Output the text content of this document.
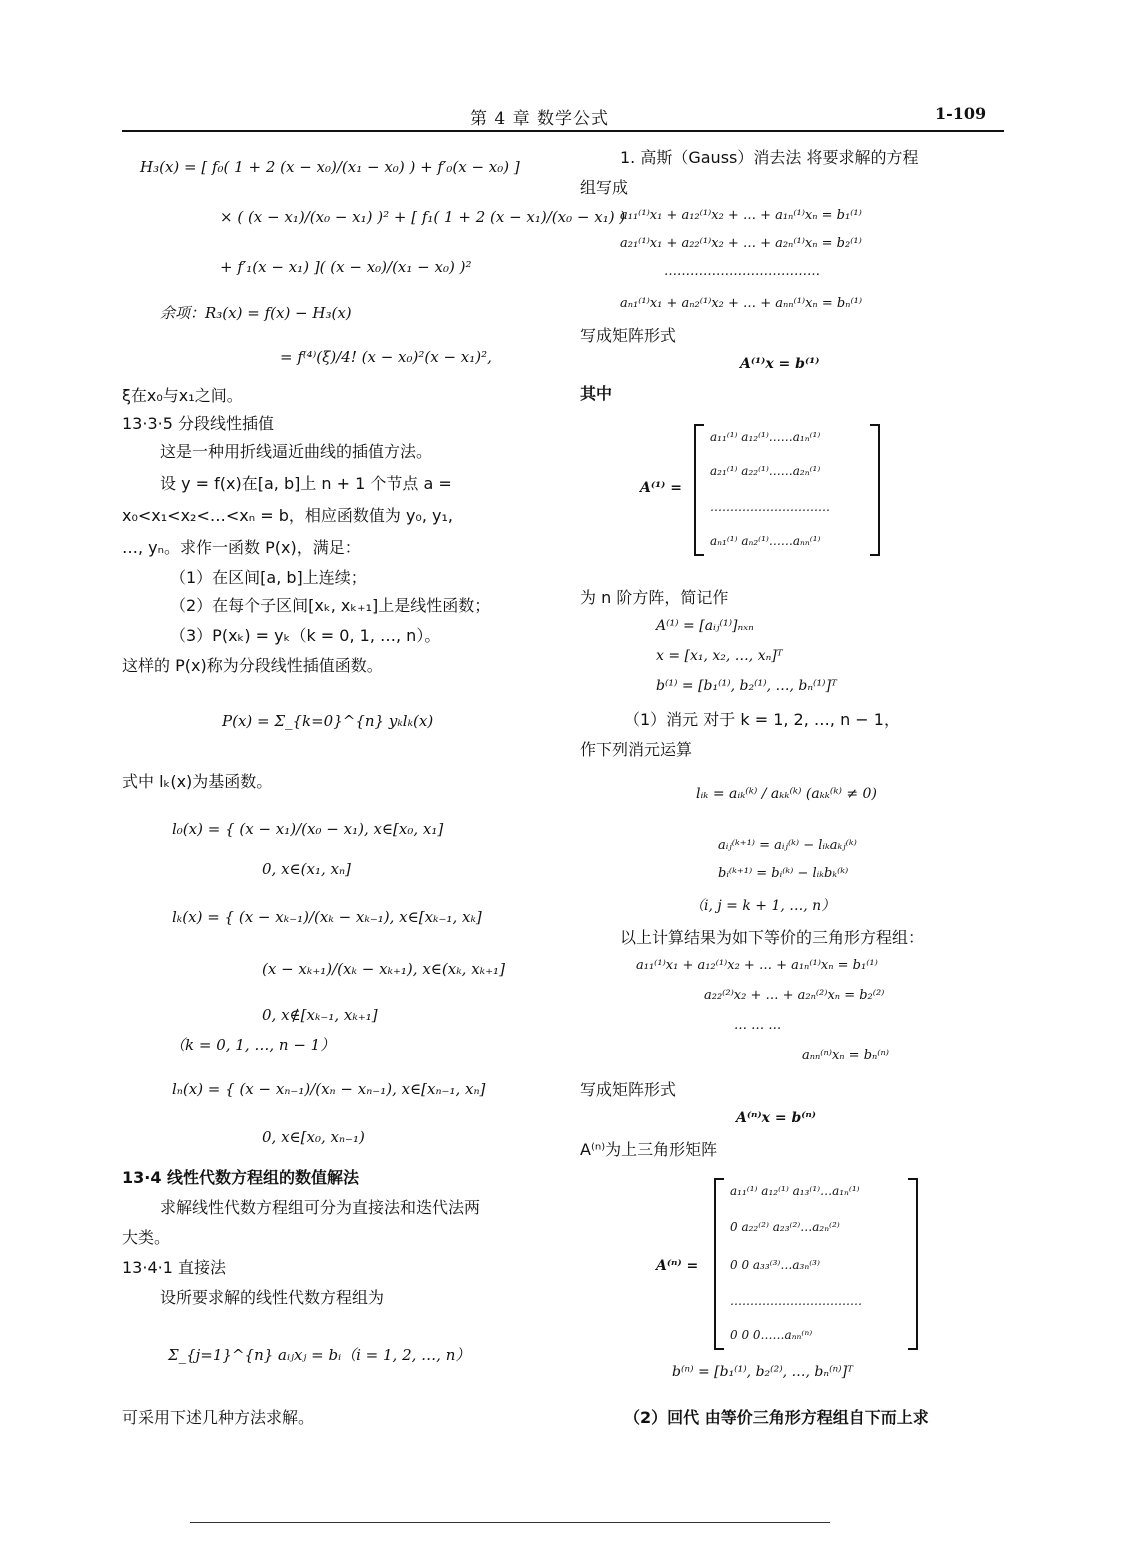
第 4 章 数学公式	1-109
H₃(x) = [ f₀( 1 + 2 (x − x₀)/(x₁ − x₀) ) + f′₀(x − x₀) ]
× ( (x − x₁)/(x₀ − x₁) )² + [ f₁( 1 + 2 (x − x₁)/(x₀ − x₁) )
+ f′₁(x − x₁) ]( (x − x₀)/(x₁ − x₀) )²
余项：R₃(x) = f(x) − H₃(x)
= f⁽⁴⁾(ξ)/4! (x − x₀)²(x − x₁)²,
ξ在x₀与x₁之间。
13·3·5 分段线性插值
这是一种用折线逼近曲线的插值方法。
设 y = f(x)在[a, b]上 n + 1 个节点 a =
x₀<x₁<x₂<…<xₙ = b，相应函数值为 y₀, y₁,
…, yₙ。求作一函数 P(x)，满足：
（1）在区间[a, b]上连续；
（2）在每个子区间[xₖ, xₖ₊₁]上是线性函数；
（3）P(xₖ) = yₖ（k = 0, 1, …, n）。
这样的 P(x)称为分段线性插值函数。
P(x) = Σ_{k=0}^{n} yₖlₖ(x)
式中 lₖ(x)为基函数。
l₀(x) = { (x − x₁)/(x₀ − x₁), x∈[x₀, x₁]
0, x∈(x₁, xₙ]
lₖ(x) = { (x − xₖ₋₁)/(xₖ − xₖ₋₁), x∈[xₖ₋₁, xₖ]
(x − xₖ₊₁)/(xₖ − xₖ₊₁), x∈(xₖ, xₖ₊₁]
0, x∉[xₖ₋₁, xₖ₊₁]
（k = 0, 1, …, n − 1）
lₙ(x) = { (x − xₙ₋₁)/(xₙ − xₙ₋₁), x∈[xₙ₋₁, xₙ]
0, x∈[x₀, xₙ₋₁)
13·4 线性代数方程组的数值解法
求解线性代数方程组可分为直接法和迭代法两
大类。
13·4·1 直接法
设所要求解的线性代数方程组为
Σ_{j=1}^{n} aᵢⱼxⱼ = bᵢ（i = 1, 2, …, n）
可采用下述几种方法求解。
1. 高斯（Gauss）消去法 将要求解的方程
组写成
a₁₁⁽¹⁾x₁ + a₁₂⁽¹⁾x₂ + … + a₁ₙ⁽¹⁾xₙ = b₁⁽¹⁾
a₂₁⁽¹⁾x₁ + a₂₂⁽¹⁾x₂ + … + a₂ₙ⁽¹⁾xₙ = b₂⁽¹⁾
………………………………
aₙ₁⁽¹⁾x₁ + aₙ₂⁽¹⁾x₂ + … + aₙₙ⁽¹⁾xₙ = bₙ⁽¹⁾
写成矩阵形式
A⁽¹⁾x = b⁽¹⁾
其中
A⁽¹⁾ =
a₁₁⁽¹⁾ a₁₂⁽¹⁾……a₁ₙ⁽¹⁾
a₂₁⁽¹⁾ a₂₂⁽¹⁾……a₂ₙ⁽¹⁾
…………………………
aₙ₁⁽¹⁾ aₙ₂⁽¹⁾……aₙₙ⁽¹⁾
为 n 阶方阵，简记作
A⁽¹⁾ = [aᵢⱼ⁽¹⁾]ₙₓₙ
x = [x₁, x₂, …, xₙ]ᵀ
b⁽¹⁾ = [b₁⁽¹⁾, b₂⁽¹⁾, …, bₙ⁽¹⁾]ᵀ
（1）消元 对于 k = 1, 2, …, n − 1，
作下列消元运算
lᵢₖ = aᵢₖ⁽ᵏ⁾ / aₖₖ⁽ᵏ⁾ (aₖₖ⁽ᵏ⁾ ≠ 0)
aᵢⱼ⁽ᵏ⁺¹⁾ = aᵢⱼ⁽ᵏ⁾ − lᵢₖaₖⱼ⁽ᵏ⁾
bᵢ⁽ᵏ⁺¹⁾ = bᵢ⁽ᵏ⁾ − lᵢₖbₖ⁽ᵏ⁾
（i, j = k + 1, …, n）
以上计算结果为如下等价的三角形方程组：
a₁₁⁽¹⁾x₁ + a₁₂⁽¹⁾x₂ + … + a₁ₙ⁽¹⁾xₙ = b₁⁽¹⁾
a₂₂⁽²⁾x₂ + … + a₂ₙ⁽²⁾xₙ = b₂⁽²⁾
… … …
aₙₙ⁽ⁿ⁾xₙ = bₙ⁽ⁿ⁾
写成矩阵形式
A⁽ⁿ⁾x = b⁽ⁿ⁾
A⁽ⁿ⁾为上三角形矩阵
A⁽ⁿ⁾ =
a₁₁⁽¹⁾ a₁₂⁽¹⁾ a₁₃⁽¹⁾…a₁ₙ⁽¹⁾
0 a₂₂⁽²⁾ a₂₃⁽²⁾…a₂ₙ⁽²⁾
0 0 a₃₃⁽³⁾…a₃ₙ⁽³⁾
……………………………
0 0 0……aₙₙ⁽ⁿ⁾
b⁽ⁿ⁾ = [b₁⁽¹⁾, b₂⁽²⁾, …, bₙ⁽ⁿ⁾]ᵀ
（2）回代 由等价三角形方程组自下而上求
